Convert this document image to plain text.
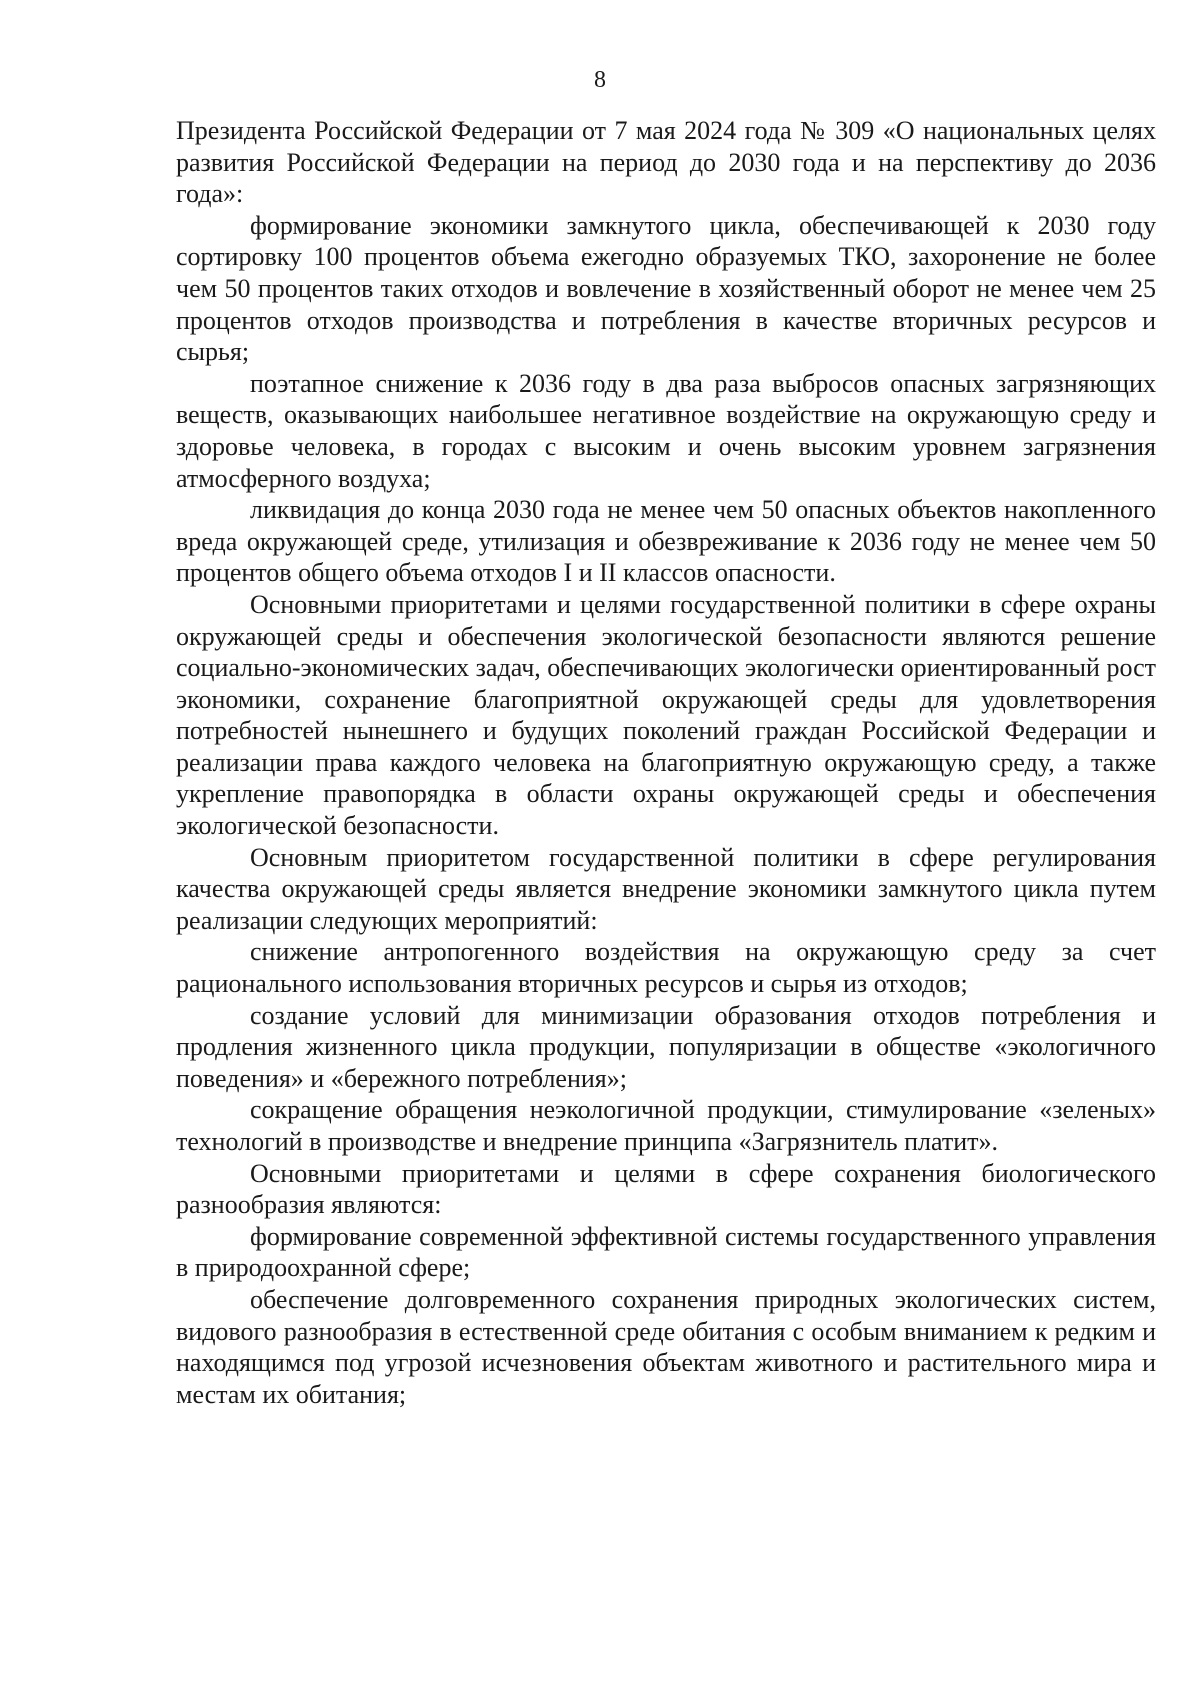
8

Президента Российской Федерации от 7 мая 2024 года № 309 «О национальных целях развития Российской Федерации на период до 2030 года и на перспективу до 2036 года»:

формирование экономики замкнутого цикла, обеспечивающей к 2030 году сортировку 100 процентов объема ежегодно образуемых ТКО, захоронение не более чем 50 процентов таких отходов и вовлечение в хозяйственный оборот не менее чем 25 процентов отходов производства и потребления в качестве вторичных ресурсов и сырья;

поэтапное снижение к 2036 году в два раза выбросов опасных загрязняющих веществ, оказывающих наибольшее негативное воздействие на окружающую среду и здоровье человека, в городах с высоким и очень высоким уровнем загрязнения атмосферного воздуха;

ликвидация до конца 2030 года не менее чем 50 опасных объектов накопленного вреда окружающей среде, утилизация и обезвреживание к 2036 году не менее чем 50 процентов общего объема отходов I и II классов опасности.

Основными приоритетами и целями государственной политики в сфере охраны окружающей среды и обеспечения экологической безопасности являются решение социально-экономических задач, обеспечивающих экологически ориентированный рост экономики, сохранение благоприятной окружающей среды для удовлетворения потребностей нынешнего и будущих поколений граждан Российской Федерации и реализации права каждого человека на благоприятную окружающую среду, а также укрепление правопорядка в области охраны окружающей среды и обеспечения экологической безопасности.

Основным приоритетом государственной политики в сфере регулирования качества окружающей среды является внедрение экономики замкнутого цикла путем реализации следующих мероприятий:

снижение антропогенного воздействия на окружающую среду за счет рационального использования вторичных ресурсов и сырья из отходов;

создание условий для минимизации образования отходов потребления и продления жизненного цикла продукции, популяризации в обществе «экологичного поведения» и «бережного потребления»;

сокращение обращения неэкологичной продукции, стимулирование «зеленых» технологий в производстве и внедрение принципа «Загрязнитель платит».

Основными приоритетами и целями в сфере сохранения биологического разнообразия являются:

формирование современной эффективной системы государственного управления в природоохранной сфере;

обеспечение долговременного сохранения природных экологических систем, видового разнообразия в естественной среде обитания с особым вниманием к редким и находящимся под угрозой исчезновения объектам животного и растительного мира и местам их обитания;
